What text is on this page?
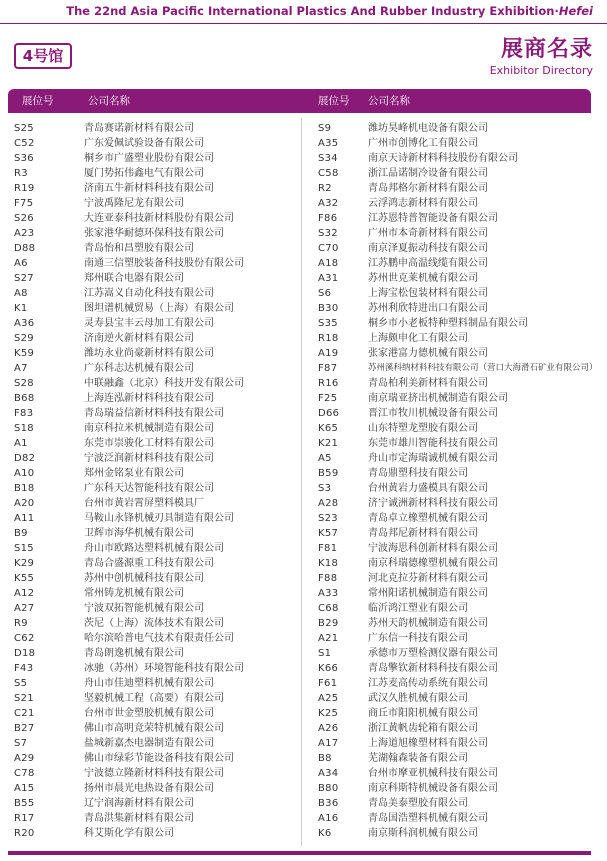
The 22nd Asia Pacific International Plastics And Rubber Industry Exhibition·Hefei
4号馆	展商名录
Exhibitor Directory
展位号	公司名称	展位号 公司名称
S25	青岛赛诺新材料有限公司
C52	广东爱佩试验设备有限公司
S36	桐乡市广盛塑业股份有限公司
R3	厦门势拓伟鑫电气有限公司
R19	济南五牛新材料科技有限公司
F75	宁波禹隆尼龙有限公司
S26	大连亚泰科技新材料股份有限公司
A23	张家港华耐德环保科技有限公司
D88	青岛怡和昌塑胶有限公司
A6	南通三信塑胶装备科技股份有限公司
S27	郑州联合电器有限公司
A8	江苏嵩义自动化科技有限公司
K1	图坦谱机械贸易（上海）有限公司
A36	灵寿县宝丰云母加工有限公司
S29	济南逆火新材料有限公司
K59	潍坊永业尚豪新材料有限公司
A7	广东科志达机械有限公司
S28	中联融鑫（北京）科技开发有限公司
B68	上海连泓新材料科技有限公司
F83	青岛瑞益信新材料科技有限公司
S18	南京科拉米机械制造有限公司
A1	东莞市崇骏化工材料有限公司
D82	宁波泛润新材料科技有限公司
A10	郑州金铭泵业有限公司
B18	广东科天达智能科技有限公司
A20	台州市黄岩霄屏塑料模具厂
A11	马鞍山永锋机械刃具制造有限公司
B9	卫辉市海华机械有限公司
S15	舟山市欧路达塑料机械有限公司
K29	青岛合盛源重工科技有限公司
K55	苏州中创机械科技有限公司
A12	常州铸龙机械有限公司
A27	宁波双拓智能机械有限公司
R9	茨尼（上海）流体技术有限公司
C62	哈尔滨哈普电气技术有限责任公司
D18	青岛朗逸机械有限公司
F43	冰驰（苏州）环境智能科技有限公司
S5	舟山市佳迪塑料机械有限公司
S21	坚毅机械工程（高要）有限公司
C21	台州市世金塑胶机械有限公司
B27	佛山市高明竞荣特机械有限公司
S7	盐城新嘉杰电器制造有限公司
A29	佛山市绿彩节能设备科技有限公司
C78	宁波德立隆新材料科技有限公司
A15	扬州市晨光电热设备有限公司
B55	辽宁润海新材料有限公司
R17	青岛洪集新材料有限公司
R20	科艾斯化学有限公司
S9	潍坊昊峰机电设备有限公司
A35	广州市创博化工有限公司
S34	南京天诗新材料科技股份有限公司
C58	浙江品诺制冷设备有限公司
R2	青岛邦格尔新材料有限公司
A32	云浮鸿志新材料有限公司
F86	江苏恩特普智能设备有限公司
S32	广州市本奇新材料有限公司
C70	南京泽夏振动科技有限公司
A18	江苏鹏申高温线缆有限公司
A31	苏州世克莱机械有限公司
S6	上海宝松包装材料有限公司
B30	苏州利欣特进出口有限公司
S35	桐乡市小老板特种塑料制品有限公司
R18	上海颇申化工有限公司
A19	张家港富力德机械有限公司
F87	苏州溪科纳材料科技有限公司（营口大海滑石矿业有限公司）
R16	青岛柏利美新材料有限公司
F25	南京瑞亚挤出机械制造有限公司
D66	晋江市牧川机械设备有限公司
K65	山东特塑龙塑胶有限公司
K21	东莞市雄川智能科技有限公司
A5	舟山市定海瑞诚机械有限公司
B59	青岛鼎塑科技有限公司
S3	台州黄岩力盛模具有限公司
A28	济宁诚洲新材料科技有限公司
S23	青岛卓立橡塑机械有限公司
K57	青岛邦尼新材料有限公司
F81	宁波海思科创新材料有限公司
K18	南京科瑞德橡塑机械有限公司
F88	河北克拉芬新材料有限公司
A33	常州阳诺机械制造有限公司
C68	临沂鸿江塑业有限公司
B29	苏州天韵机械制造有限公司
A21	广东信一科技有限公司
S1	承德市万塑检测仪器有限公司
K66	青岛擎钦新材料科技有限公司
F61	江苏麦高传动系统有限公司
A25	武汉久胜机械有限公司
K25	商丘市阳阳机械有限公司
A26	浙江黄帆齿轮箱有限公司
A17	上海道旭橡塑材料有限公司
B8	芜湖翰森装备有限公司
A34	台州市摩亚机械科技有限公司
B80	南京科斯特机械设备有限公司
B36	青岛美泰塑胶有限公司
A16	青岛国浩塑料机械有限公司
K6	南京斯科润机械有限公司
